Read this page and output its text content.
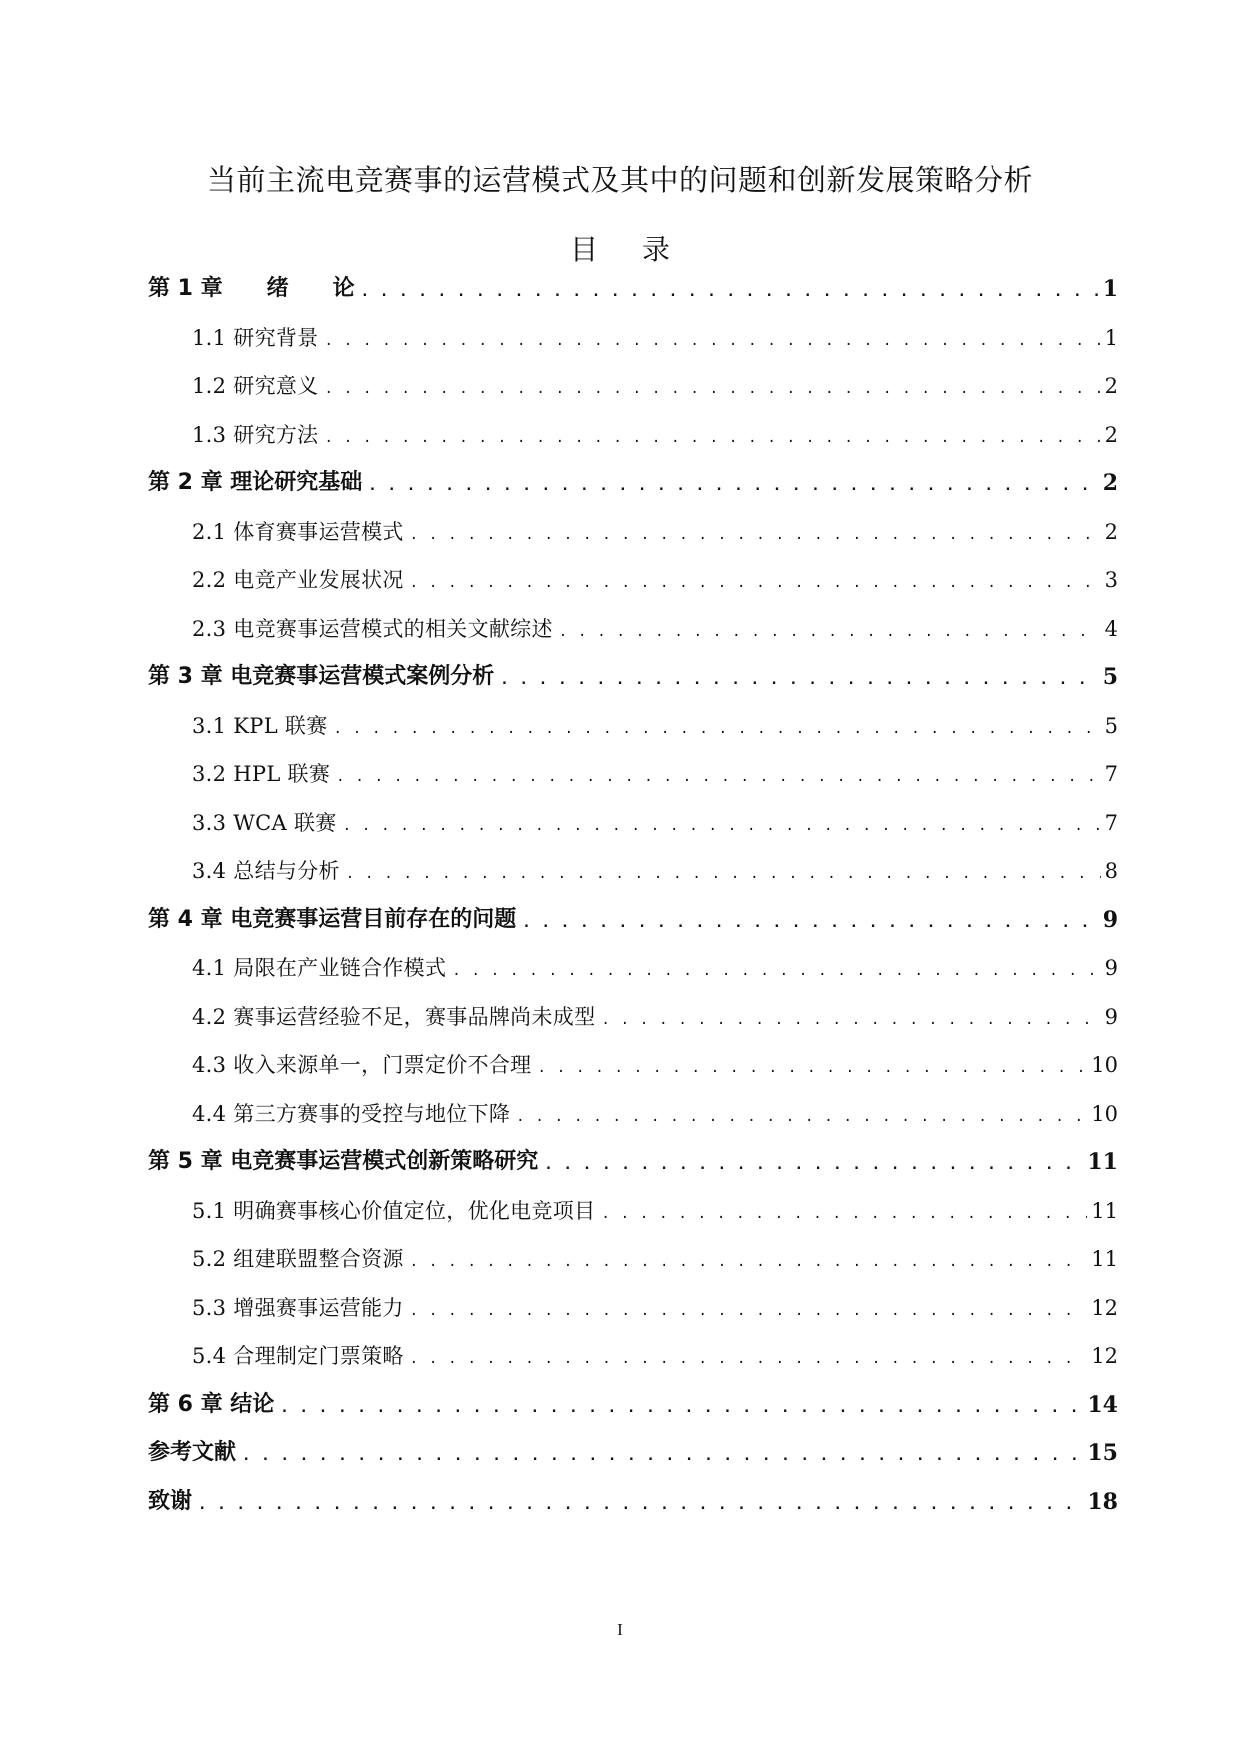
当前主流电竞赛事的运营模式及其中的问题和创新发展策略分析
目 录
第 1 章　　绪　　论 . . .	1
1.1 研究背景 . . .	1
1.2 研究意义 . . .	2
1.3 研究方法 . . .	2
第 2 章 理论研究基础 . . .	2
2.1 体育赛事运营模式 . . .	2
2.2 电竞产业发展状况 . . .	3
2.3 电竞赛事运营模式的相关文献综述 . . .	4
第 3 章 电竞赛事运营模式案例分析 . . .	5
3.1 KPL 联赛 . . .	5
3.2 HPL 联赛 . . .	7
3.3 WCA 联赛 . . .	7
3.4 总结与分析 . . .	8
第 4 章 电竞赛事运营目前存在的问题 . . .	9
4.1 局限在产业链合作模式 . . .	9
4.2 赛事运营经验不足，赛事品牌尚未成型 . . .	9
4.3 收入来源单一，门票定价不合理 . . .	10
4.4 第三方赛事的受控与地位下降 . . .	10
第 5 章 电竞赛事运营模式创新策略研究 . . .	11
5.1 明确赛事核心价值定位，优化电竞项目 . . .	11
5.2 组建联盟整合资源 . . .	11
5.3 增强赛事运营能力 . . .	12
5.4 合理制定门票策略 . . .	12
第 6 章 结论 . . .	14
参考文献 . . .	15
致谢 . . .	18
I
